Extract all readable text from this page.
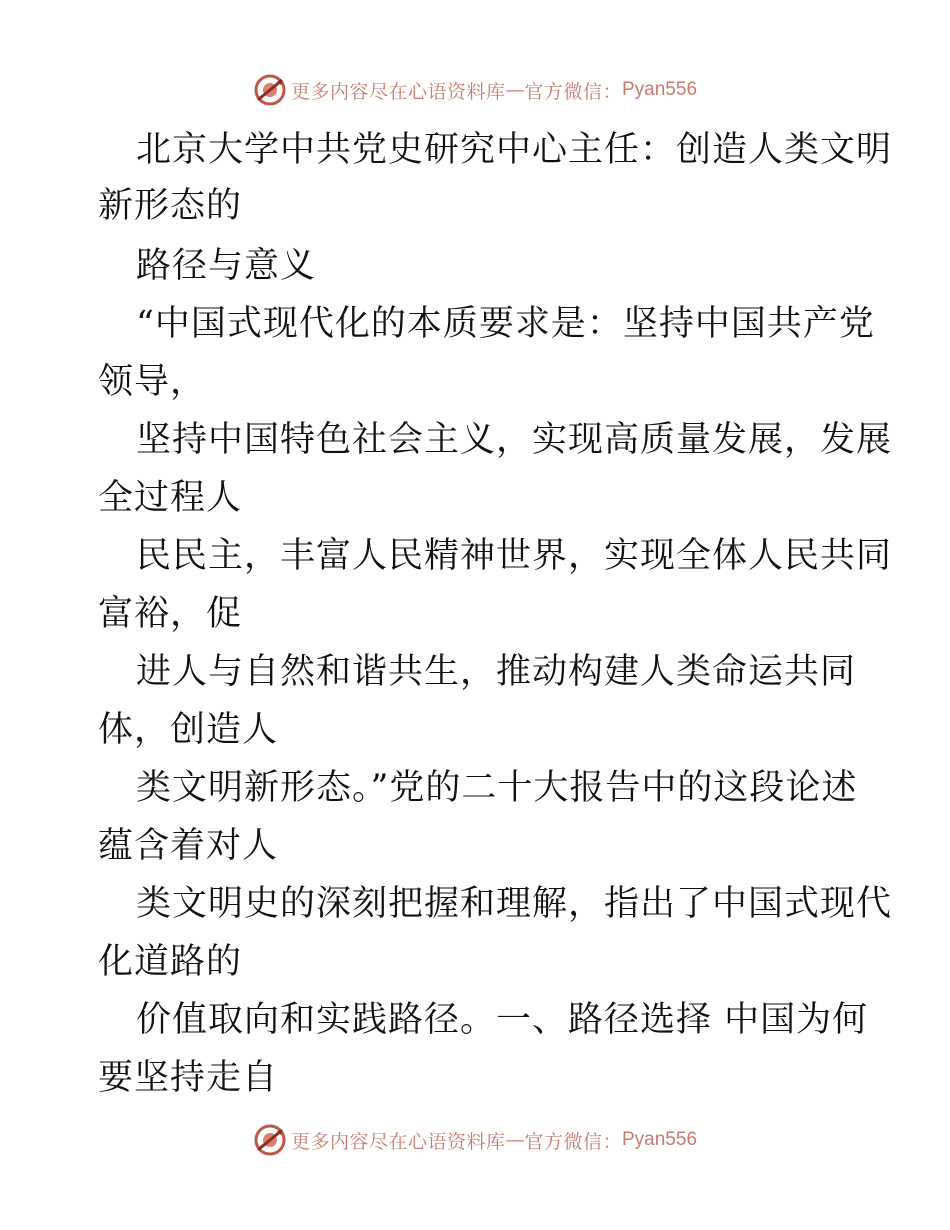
更多内容尽在心语资料库 — 官方微信： Pyan556
北京大学中共党史研究中心主任：创造人类文明
新形态的
路径与意义
“中国式现代化的本质要求是：坚持中国共产党
领导，
坚持中国特色社会主义，实现高质量发展，发展
全过程人
民民主，丰富人民精神世界，实现全体人民共同
富裕，促
进人与自然和谐共生，推动构建人类命运共同
体，创造人
类文明新形态。”党的二十大报告中的这段论述
蕴含着对人
类文明史的深刻把握和理解，指出了中国式现代
化道路的
价值取向和实践路径。一、路径选择 中国为何
要坚持走自
更多内容尽在心语资料库 — 官方微信： Pyan556
